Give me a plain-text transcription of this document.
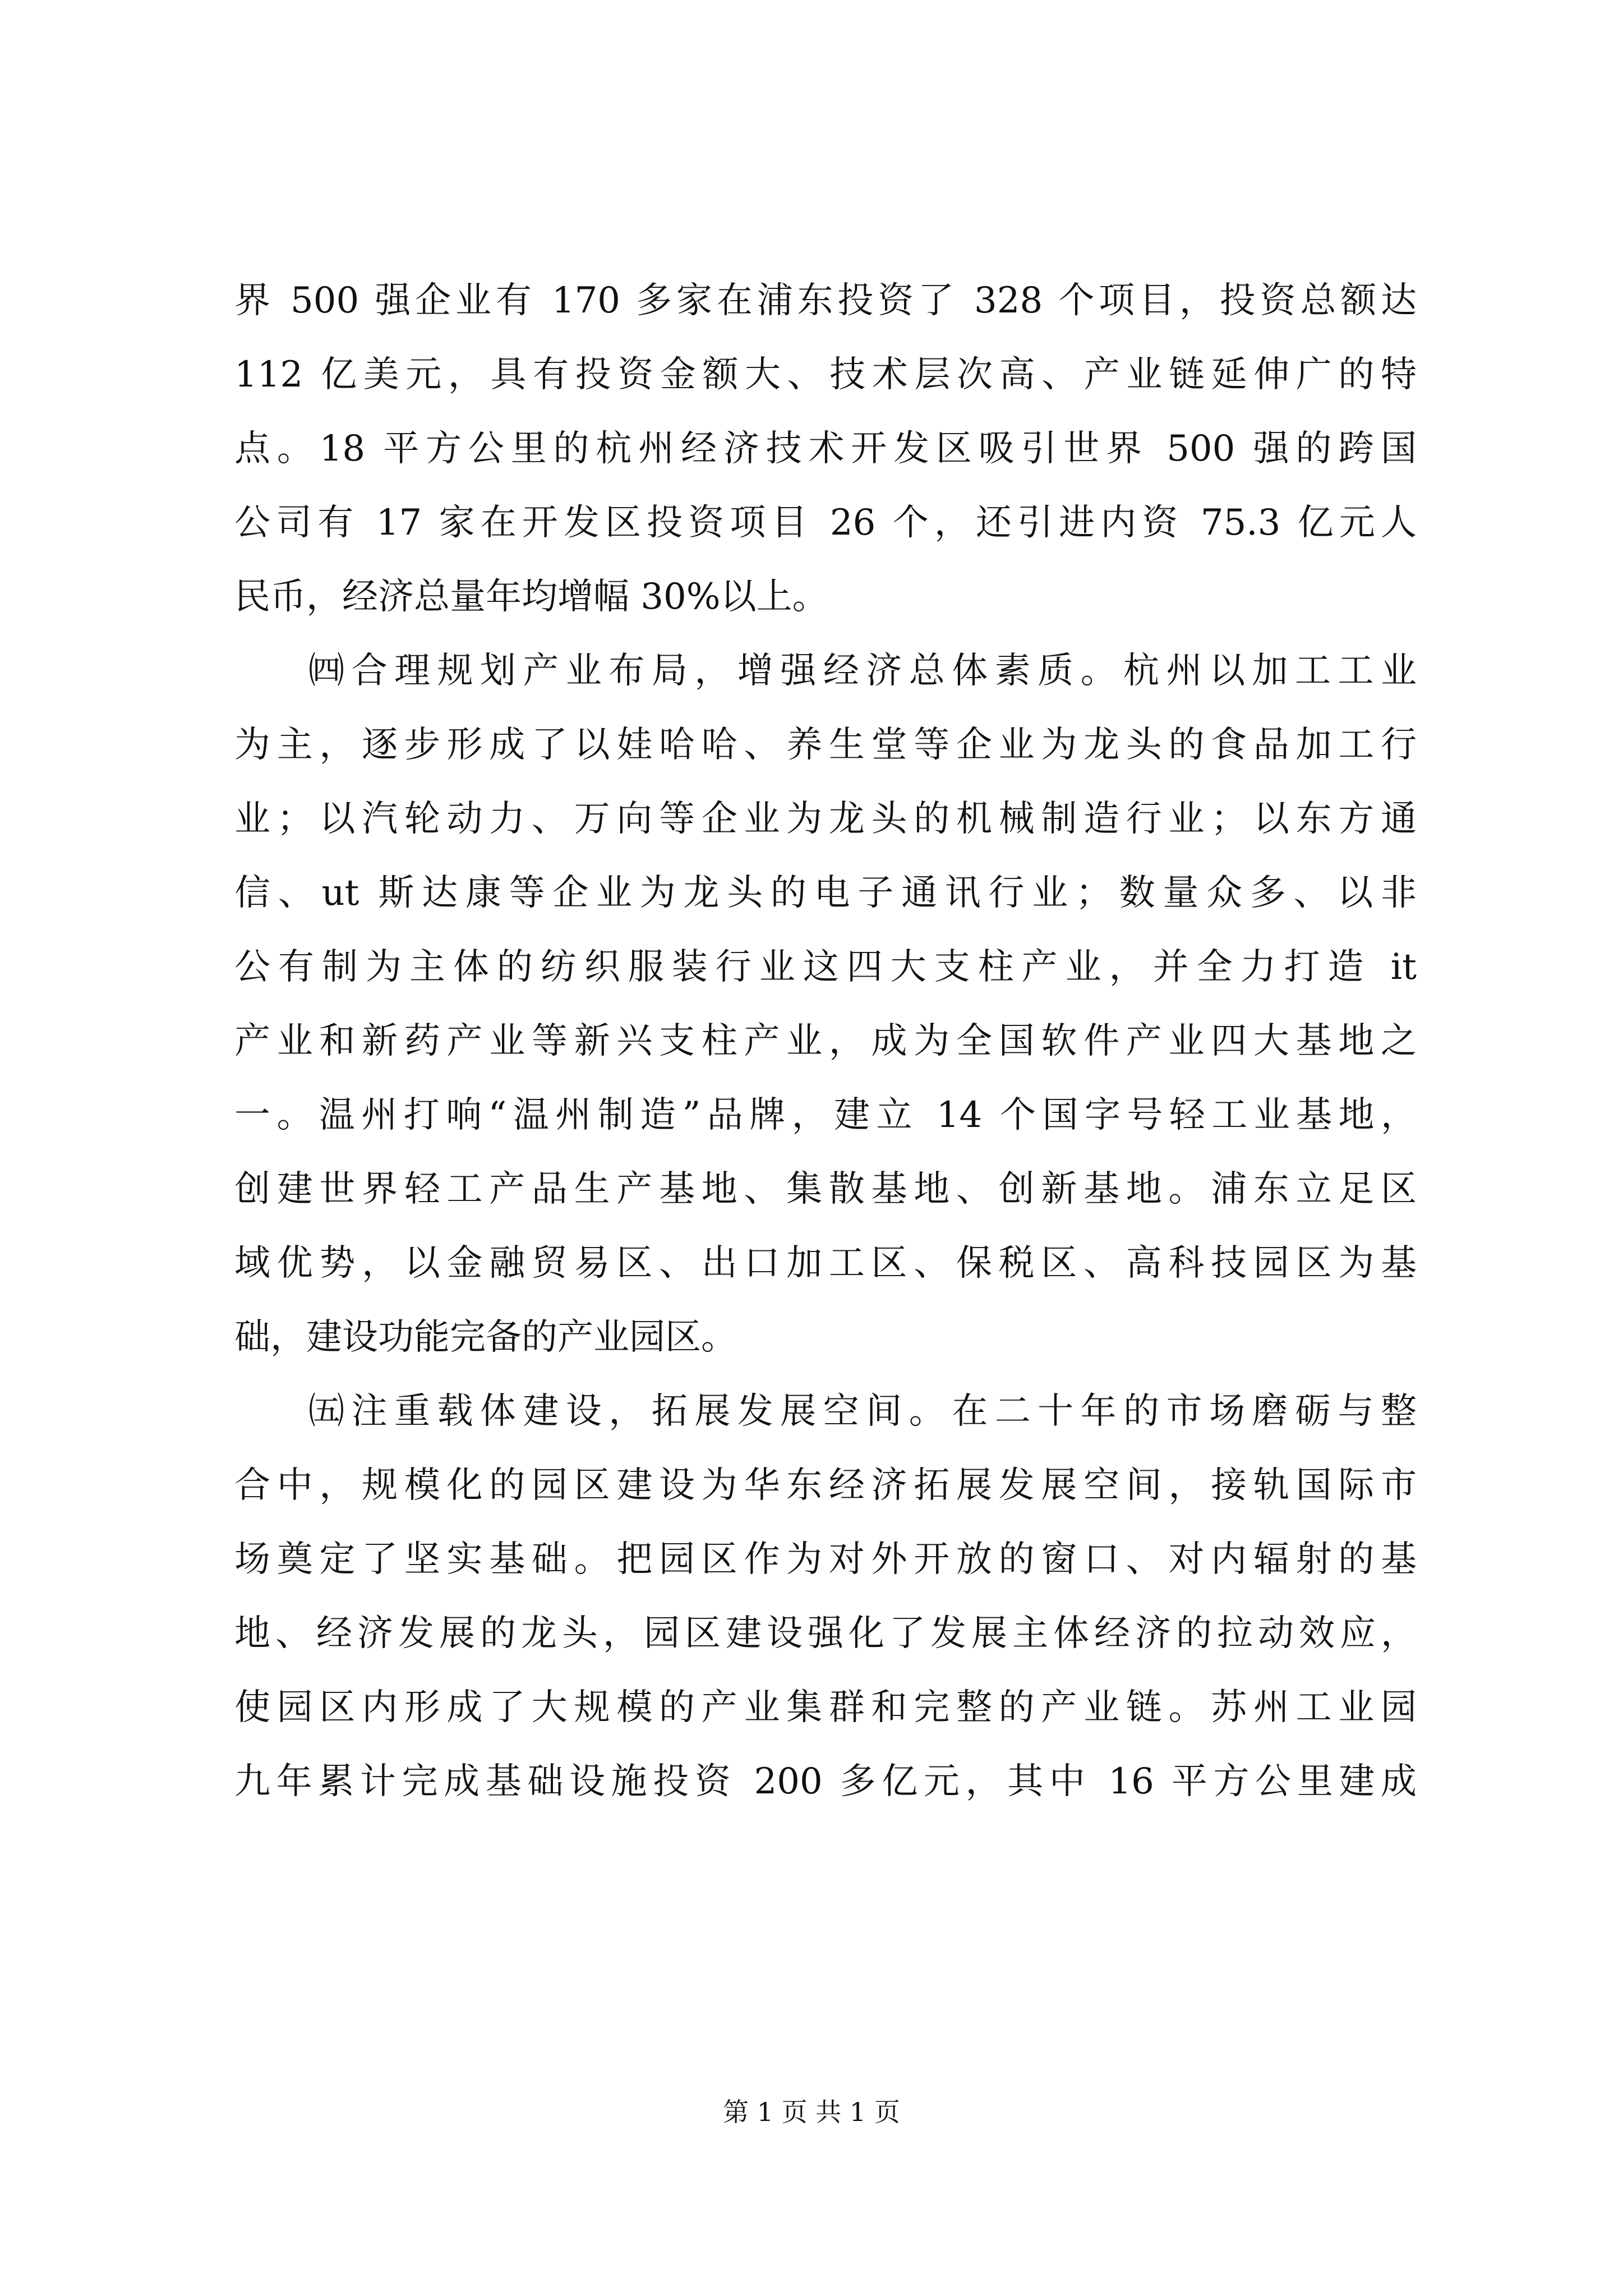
界 500 强企业有 170 多家在浦东投资了 328 个项目，投资总额达
112 亿美元，具有投资金额大、技术层次高、产业链延伸广的特
点。18 平方公里的杭州经济技术开发区吸引世界 500 强的跨国
公司有 17 家在开发区投资项目 26 个，还引进内资 75.3 亿元人
民币，经济总量年均增幅 30%以上。
㈣合理规划产业布局，增强经济总体素质。杭州以加工工业
为主，逐步形成了以娃哈哈、养生堂等企业为龙头的食品加工行
业；以汽轮动力、万向等企业为龙头的机械制造行业；以东方通
信、ut 斯达康等企业为龙头的电子通讯行业；数量众多、以非
公有制为主体的纺织服装行业这四大支柱产业，并全力打造 it
产业和新药产业等新兴支柱产业，成为全国软件产业四大基地之
一。温州打响“温州制造”品牌，建立 14 个国字号轻工业基地，
创建世界轻工产品生产基地、集散基地、创新基地。浦东立足区
域优势，以金融贸易区、出口加工区、保税区、高科技园区为基
础，建设功能完备的产业园区。
㈤注重载体建设，拓展发展空间。在二十年的市场磨砺与整
合中，规模化的园区建设为华东经济拓展发展空间，接轨国际市
场奠定了坚实基础。把园区作为对外开放的窗口、对内辐射的基
地、经济发展的龙头，园区建设强化了发展主体经济的拉动效应，
使园区内形成了大规模的产业集群和完整的产业链。苏州工业园
九年累计完成基础设施投资 200 多亿元，其中 16 平方公里建成
第 1 页 共 1 页
